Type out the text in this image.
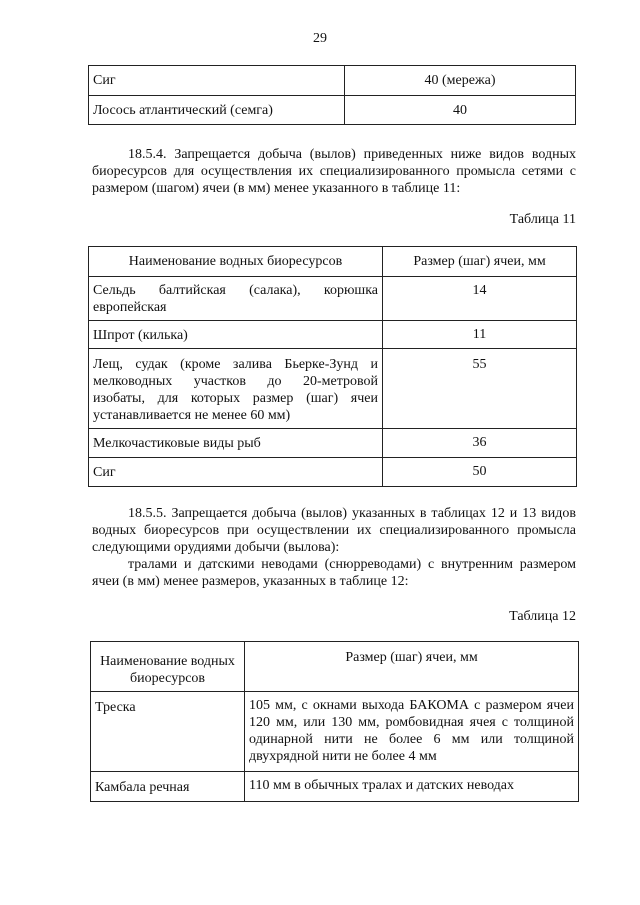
29
Сиг	40 (мережа)
Лосось атлантический (семга)	40
18.5.4. Запрещается добыча (вылов) приведенных ниже видов водных биоресурсов для осуществления их специализированного промысла сетями с размером (шагом) ячеи (в мм) менее указанного в таблице 11:
Таблица 11
Наименование водных биоресурсов	Размер (шаг) ячеи, мм
Сельдь балтийская (салака), корюшка европейская	14
Шпрот (килька)	11
Лещ, судак (кроме залива Бьерке-Зунд и мелководных участков до 20-метровой изобаты, для которых размер (шаг) ячеи устанавливается не менее 60 мм)	55
Мелкочастиковые виды рыб	36
Сиг	50
18.5.5. Запрещается добыча (вылов) указанных в таблицах 12 и 13 видов водных биоресурсов при осуществлении их специализированного промысла следующими орудиями добычи (вылова):
тралами и датскими неводами (снюрреводами) с внутренним размером ячеи (в мм) менее размеров, указанных в таблице 12:
Таблица 12
Наименование водных биоресурсов	Размер (шаг) ячеи, мм
Треска	105 мм, с окнами выхода БАКОМА с размером ячеи 120 мм, или 130 мм, ромбовидная ячея с толщиной одинарной нити не более 6 мм или толщиной двухрядной нити не более 4 мм
Камбала речная	110 мм в обычных тралах и датских неводах
